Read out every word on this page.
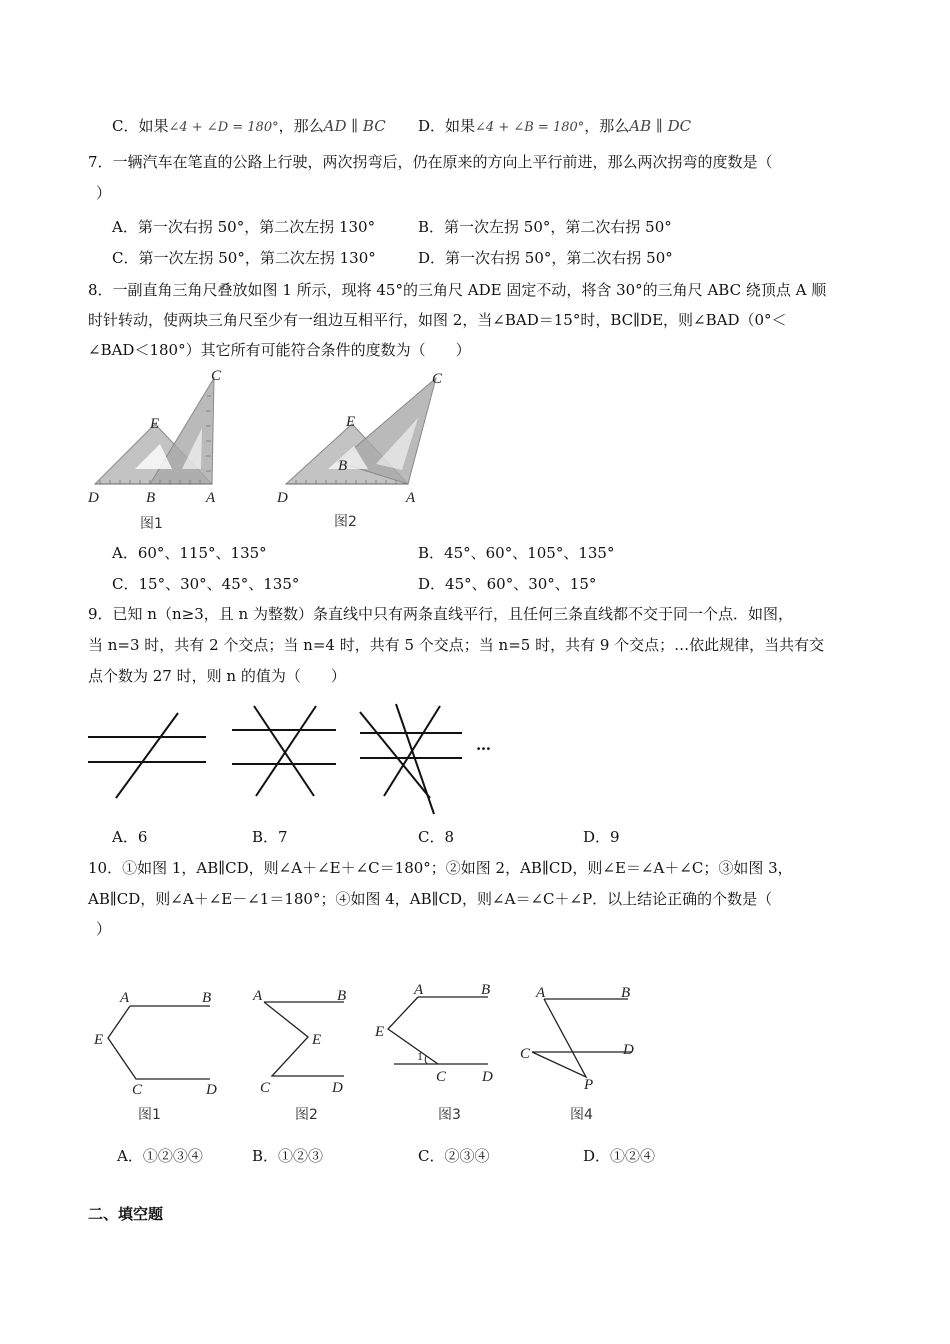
C．如果∠4 + ∠D = 180°，那么AD ∥ BC D．如果∠4 + ∠B = 180°，那么AB ∥ DC
7．一辆汽车在笔直的公路上行驶，两次拐弯后，仍在原来的方向上平行前进，那么两次拐弯的度数是（
）
A．第一次右拐 50°，第二次左拐 130°	B．第一次左拐 50°，第二次右拐 50°
C．第一次左拐 50°，第二次左拐 130°	D．第一次右拐 50°，第二次右拐 50°
8．一副直角三角尺叠放如图 1 所示，现将 45°的三角尺 ADE 固定不动，将含 30°的三角尺 ABC 绕顶点 A 顺
时针转动，使两块三角尺至少有一组边互相平行，如图 2，当∠BAD＝15°时，BC∥DE，则∠BAD（0°＜
∠BAD＜180°）其它所有可能符合条件的度数为（　　）
C
E
D	B	A
图1
C
E
D
B
A
图2
A．60°、115°、135°	B．45°、60°、105°、135°
C．15°、30°、45°、135°	D．45°、60°、30°、15°
9．已知 n（n≥3，且 n 为整数）条直线中只有两条直线平行，且任何三条直线都不交于同一个点．如图，
当 n=3 时，共有 2 个交点；当 n=4 时，共有 5 个交点；当 n=5 时，共有 9 个交点；…依此规律，当共有交
点个数为 27 时，则 n 的值为（　　）
…
A．6	B．7	C．8	D．9
10．①如图 1，AB∥CD，则∠A＋∠E＋∠C＝180°；②如图 2，AB∥CD，则∠E＝∠A＋∠C；③如图 3，
AB∥CD，则∠A＋∠E－∠1＝180°；④如图 4，AB∥CD，则∠A＝∠C＋∠P．以上结论正确的个数是（
）
A	B
E
C	D
图1
A	B
E
C	D
图2
A	B
E
1
C D
图3
A	B
C	D
P
图4
A．①②③④	B．①②③	C．②③④	D．①②④
二、填空题
